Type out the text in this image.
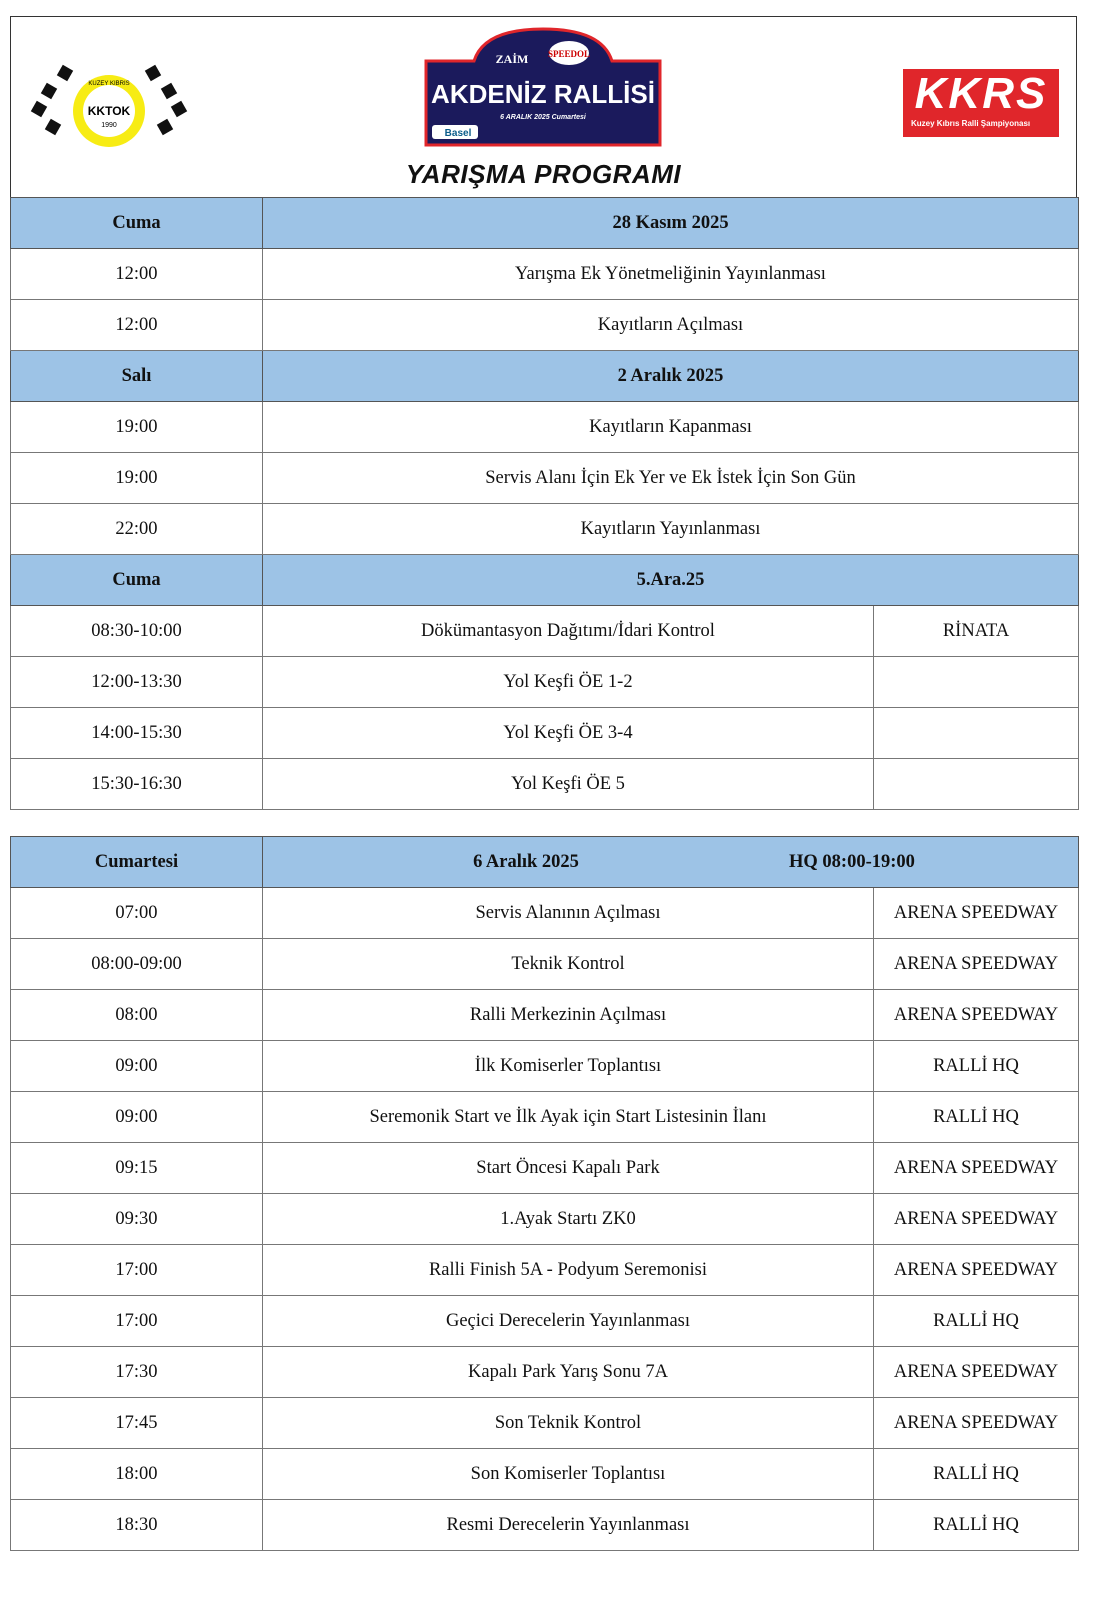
KKTOK
1990
KUZEY KIBRIS
ZAİM SPEEDOL
AKDENİZ RALLİSİ
6 ARALIK 2025 Cumartesi
Basel
KKRS
Kuzey Kıbrıs Ralli Şampiyonası
YARIŞMA PROGRAMI
Cuma	28 Kasım 2025	
12:00	Yarışma Ek Yönetmeliğinin Yayınlanması	
12:00	Kayıtların Açılması	
Salı	2 Aralık 2025	
19:00	Kayıtların Kapanması	
19:00	Servis Alanı İçin Ek Yer ve Ek İstek İçin Son Gün	
22:00	Kayıtların Yayınlanması	
Cuma	5.Ara.25	
08:30-10:00	Dökümantasyon Dağıtımı/İdari Kontrol	RİNATA
12:00-13:30	Yol Keşfi ÖE 1-2	
14:00-15:30	Yol Keşfi ÖE 3-4	
15:30-16:30	Yol Keşfi ÖE 5	
Cumartesi	6 Aralık 2025 HQ 08:00-19:00	
07:00	Servis Alanının Açılması	ARENA SPEEDWAY
08:00-09:00	Teknik Kontrol	ARENA SPEEDWAY
08:00	Ralli Merkezinin Açılması	ARENA SPEEDWAY
09:00	İlk Komiserler Toplantısı	RALLİ HQ
09:00	Seremonik Start ve İlk Ayak için Start Listesinin İlanı	RALLİ HQ
09:15	Start Öncesi Kapalı Park	ARENA SPEEDWAY
09:30	1.Ayak Startı ZK0	ARENA SPEEDWAY
17:00	Ralli Finish 5A - Podyum Seremonisi	ARENA SPEEDWAY
17:00	Geçici Derecelerin Yayınlanması	RALLİ HQ
17:30	Kapalı Park Yarış Sonu 7A	ARENA SPEEDWAY
17:45	Son Teknik Kontrol	ARENA SPEEDWAY
18:00	Son Komiserler Toplantısı	RALLİ HQ
18:30	Resmi Derecelerin Yayınlanması	RALLİ HQ
